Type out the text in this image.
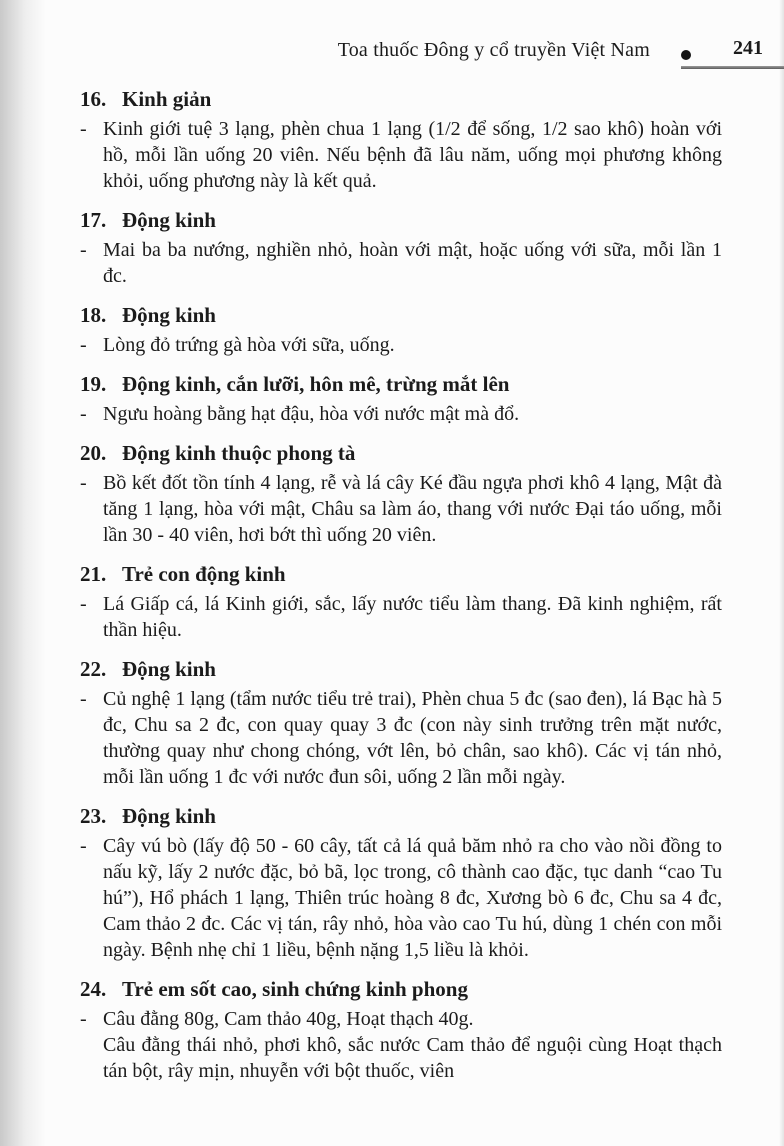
Toa thuốc Đông y cổ truyền Việt Nam	241
16. Kinh giản
- Kinh giới tuệ 3 lạng, phèn chua 1 lạng (1/2 để sống, 1/2 sao khô) hoàn với hồ, mỗi lần uống 20 viên. Nếu bệnh đã lâu năm, uống mọi phương không khỏi, uống phương này là kết quả.

17. Động kinh
- Mai ba ba nướng, nghiền nhỏ, hoàn với mật, hoặc uống với sữa, mỗi lần 1 đc.

18. Động kinh
- Lòng đỏ trứng gà hòa với sữa, uống.

19. Động kinh, cắn lưỡi, hôn mê, trừng mắt lên
- Ngưu hoàng bằng hạt đậu, hòa với nước mật mà đổ.

20. Động kinh thuộc phong tà
- Bồ kết đốt tồn tính 4 lạng, rễ và lá cây Ké đầu ngựa phơi khô 4 lạng, Mật đà tăng 1 lạng, hòa với mật, Châu sa làm áo, thang với nước Đại táo uống, mỗi lần 30 - 40 viên, hơi bớt thì uống 20 viên.

21. Trẻ con động kinh
- Lá Giấp cá, lá Kinh giới, sắc, lấy nước tiểu làm thang. Đã kinh nghiệm, rất thần hiệu.

22. Động kinh
- Củ nghệ 1 lạng (tẩm nước tiểu trẻ trai), Phèn chua 5 đc (sao đen), lá Bạc hà 5 đc, Chu sa 2 đc, con quay quay 3 đc (con này sinh trưởng trên mặt nước, thường quay như chong chóng, vớt lên, bỏ chân, sao khô). Các vị tán nhỏ, mỗi lần uống 1 đc với nước đun sôi, uống 2 lần mỗi ngày.

23. Động kinh
- Cây vú bò (lấy độ 50 - 60 cây, tất cả lá quả băm nhỏ ra cho vào nồi đồng to nấu kỹ, lấy 2 nước đặc, bỏ bã, lọc trong, cô thành cao đặc, tục danh “cao Tu hú”), Hổ phách 1 lạng, Thiên trúc hoàng 8 đc, Xương bò 6 đc, Chu sa 4 đc, Cam thảo 2 đc. Các vị tán, rây nhỏ, hòa vào cao Tu hú, dùng 1 chén con mỗi ngày. Bệnh nhẹ chỉ 1 liều, bệnh nặng 1,5 liều là khỏi.

24. Trẻ em sốt cao, sinh chứng kinh phong
- Câu đằng 80g, Cam thảo 40g, Hoạt thạch 40g.

Câu đằng thái nhỏ, phơi khô, sắc nước Cam thảo để nguội cùng Hoạt thạch tán bột, rây mịn, nhuyễn với bột thuốc, viên
